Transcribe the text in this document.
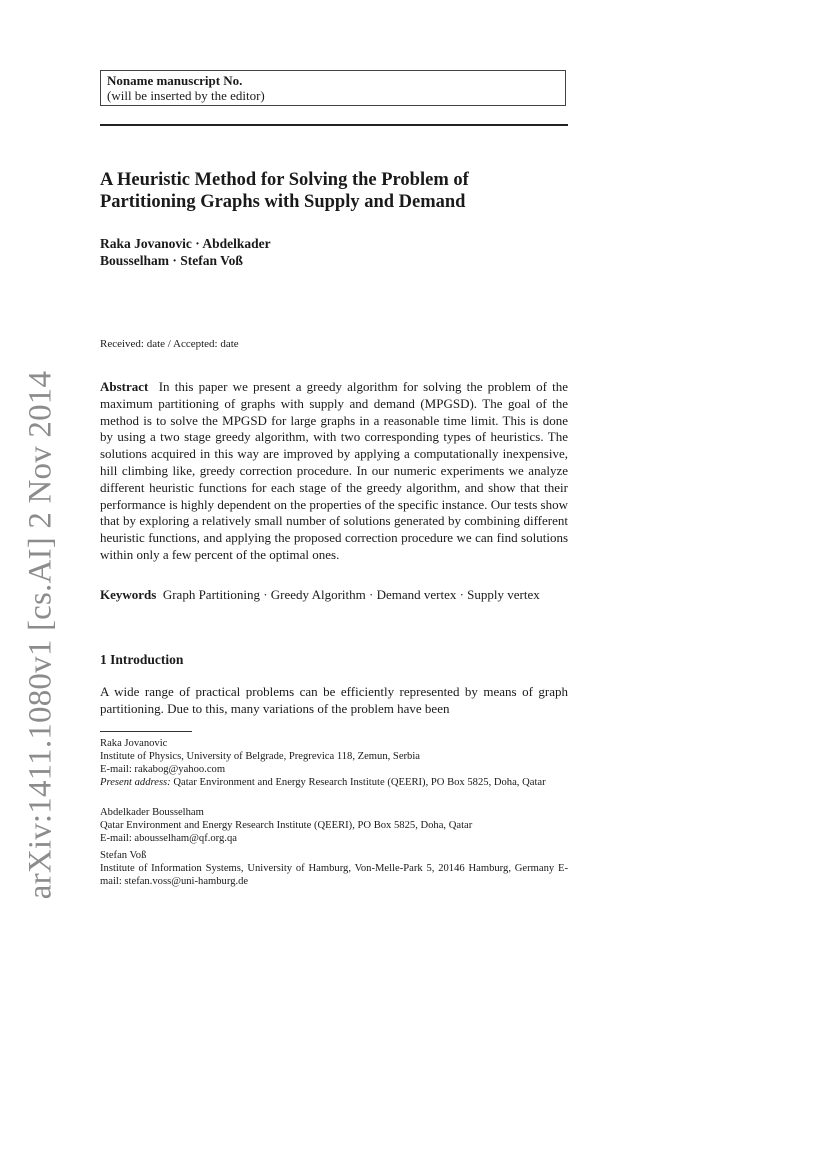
arXiv:1411.1080v1 [cs.AI] 2 Nov 2014
Noname manuscript No.
(will be inserted by the editor)
A Heuristic Method for Solving the Problem of
Partitioning Graphs with Supply and Demand
Raka Jovanovic · Abdelkader
Bousselham · Stefan Voß
Received: date / Accepted: date
Abstract In this paper we present a greedy algorithm for solving the problem of the maximum partitioning of graphs with supply and demand (MPGSD). The goal of the method is to solve the MPGSD for large graphs in a reasonable time limit. This is done by using a two stage greedy algorithm, with two corresponding types of heuristics. The solutions acquired in this way are improved by applying a computationally inexpensive, hill climbing like, greedy correction procedure. In our numeric experiments we analyze different heuristic functions for each stage of the greedy algorithm, and show that their performance is highly dependent on the properties of the specific instance. Our tests show that by exploring a relatively small number of solutions generated by combining different heuristic functions, and applying the proposed correction procedure we can find solutions within only a few percent of the optimal ones.
Keywords Graph Partitioning · Greedy Algorithm · Demand vertex · Supply vertex
1 Introduction
A wide range of practical problems can be efficiently represented by means of graph partitioning. Due to this, many variations of the problem have been
Raka Jovanovic
Institute of Physics, University of Belgrade, Pregrevica 118, Zemun, Serbia
E-mail: rakabog@yahoo.com
Present address: Qatar Environment and Energy Research Institute (QEERI), PO Box 5825, Doha, Qatar
Abdelkader Bousselham
Qatar Environment and Energy Research Institute (QEERI), PO Box 5825, Doha, Qatar
E-mail: abousselham@qf.org.qa
Stefan Voß
Institute of Information Systems, University of Hamburg, Von-Melle-Park 5, 20146 Hamburg, Germany E-mail: stefan.voss@uni-hamburg.de
